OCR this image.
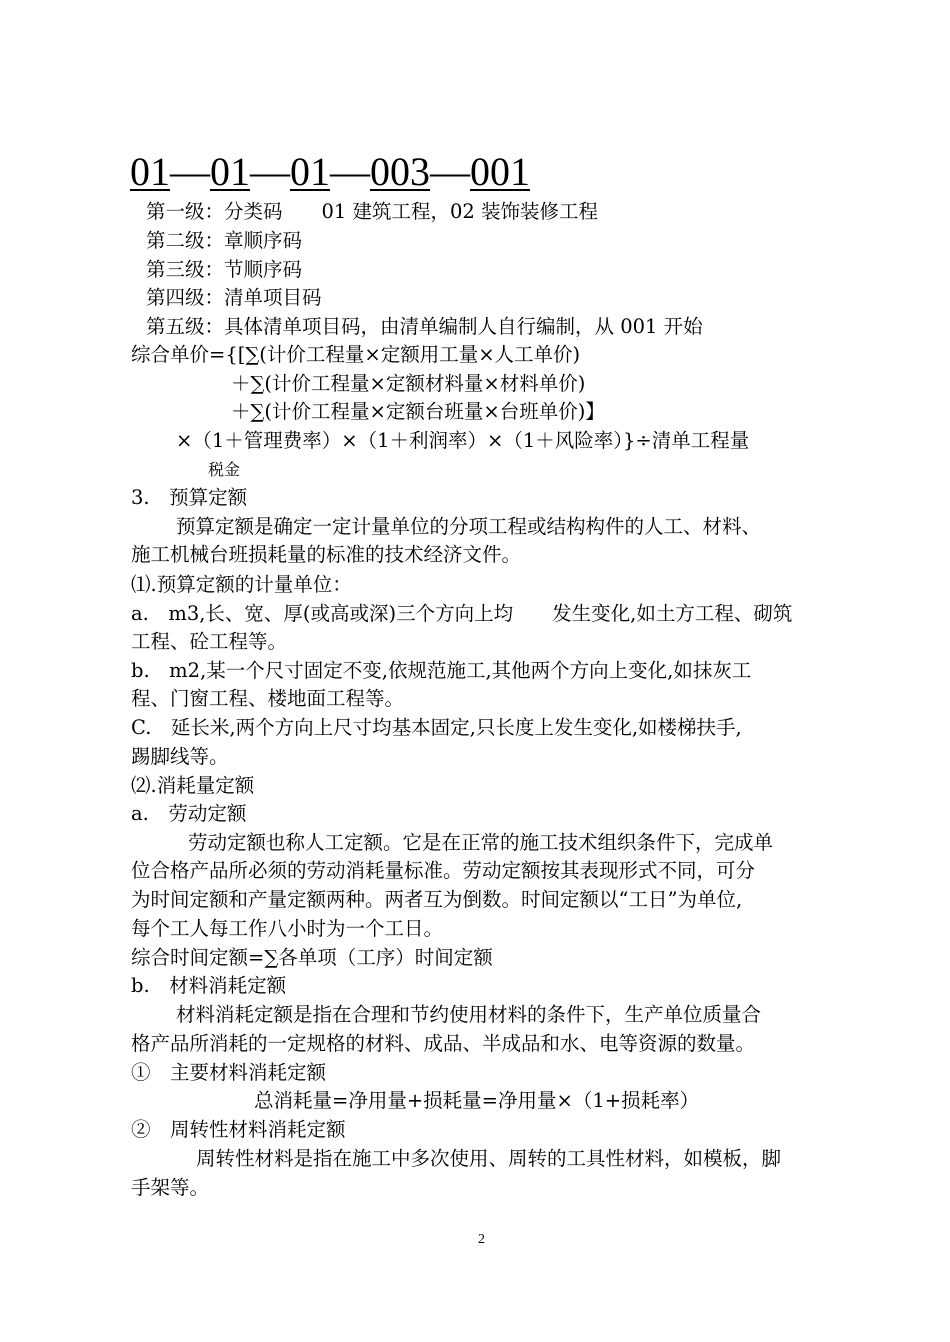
01—01—01—003—001
第一级：分类码　　01 建筑工程，02 装饰装修工程
第二级：章顺序码
第三级：节顺序码
第四级：清单项目码
第五级：具体清单项目码，由清单编制人自行编制，从 001 开始
综合单价={[∑(计价工程量×定额用工量×人工单价)
＋∑(计价工程量×定额材料量×材料单价)
＋∑(计价工程量×定额台班量×台班单价)】
×（1＋管理费率）×（1＋利润率）×（1＋风险率）}÷清单工程量
税金
3.　预算定额
预算定额是确定一定计量单位的分项工程或结构构件的人工、材料、
施工机械台班损耗量的标准的技术经济文件。
⑴.预算定额的计量单位：
a.　m3,长、宽、厚(或高或深)三个方向上均　　发生变化,如土方工程、砌筑
工程、砼工程等。
b.　m2,某一个尺寸固定不变,依规范施工,其他两个方向上变化,如抹灰工
程、门窗工程、楼地面工程等。
C.　延长米,两个方向上尺寸均基本固定,只长度上发生变化,如楼梯扶手,
踢脚线等。
⑵.消耗量定额
a.　劳动定额
劳动定额也称人工定额。它是在正常的施工技术组织条件下，完成单
位合格产品所必须的劳动消耗量标准。劳动定额按其表现形式不同，可分
为时间定额和产量定额两种。两者互为倒数。时间定额以“工日”为单位,
每个工人每工作八小时为一个工日。
综合时间定额=∑各单项（工序）时间定额
b.　材料消耗定额
材料消耗定额是指在合理和节约使用材料的条件下，生产单位质量合
格产品所消耗的一定规格的材料、成品、半成品和水、电等资源的数量。
①　主要材料消耗定额
总消耗量=净用量+损耗量=净用量×（1+损耗率）
②　周转性材料消耗定额
周转性材料是指在施工中多次使用、周转的工具性材料，如模板，脚
手架等。
2
